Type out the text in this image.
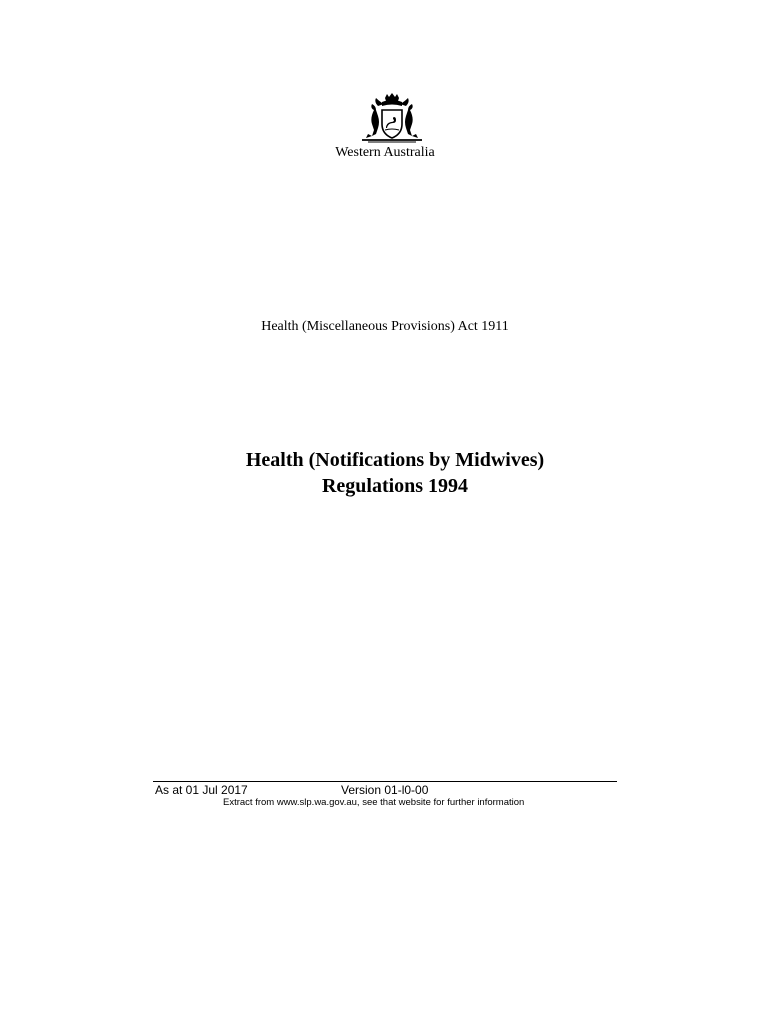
Western Australia
Health (Miscellaneous Provisions) Act 1911
Health (Notifications by Midwives)
Regulations 1994
As at 01 Jul 2017	Version 01-l0-00
Extract from www.slp.wa.gov.au, see that website for further information
